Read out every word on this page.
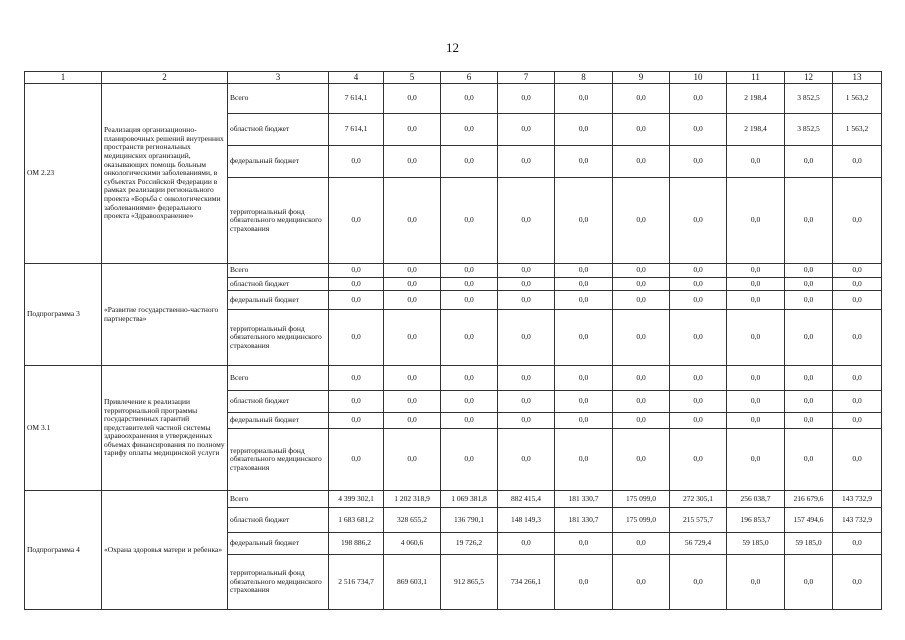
12
1	2	3	4	5	6	7	8	9	10	11	12	13
ОМ 2.23	Реализация организационно-планировочных решений внутренних пространств региональных медицинских организаций, оказывающих помощь больным онкологическими заболеваниями, в субъектах Российской Федерации в рамках реализации регионального проекта «Борьба с онкологическими заболеваниями» федерального проекта «Здравоохранение»	Всего	7 614,1	0,0	0,0	0,0	0,0	0,0	0,0	2 198,4	3 852,5	1 563,2
		областной бюджет	7 614,1	0,0	0,0	0,0	0,0	0,0	0,0	2 198,4	3 852,5	1 563,2
		федеральный бюджет	0,0	0,0	0,0	0,0	0,0	0,0	0,0	0,0	0,0	0,0
		территориальный фонд обязательного медицинского страхования	0,0	0,0	0,0	0,0	0,0	0,0	0,0	0,0	0,0	0,0
Подпрограмма 3	«Развитие государственно-частного партнерства»	Всего	0,0	0,0	0,0	0,0	0,0	0,0	0,0	0,0	0,0	0,0
		областной бюджет	0,0	0,0	0,0	0,0	0,0	0,0	0,0	0,0	0,0	0,0
		федеральный бюджет	0,0	0,0	0,0	0,0	0,0	0,0	0,0	0,0	0,0	0,0
		территориальный фонд обязательного медицинского страхования	0,0	0,0	0,0	0,0	0,0	0,0	0,0	0,0	0,0	0,0
ОМ 3.1	Привлечение к реализации территориальной программы государственных гарантий представителей частной системы здравоохранения в утвержденных объемах финансирования по полному тарифу оплаты медицинской услуги	Всего	0,0	0,0	0,0	0,0	0,0	0,0	0,0	0,0	0,0	0,0
		областной бюджет	0,0	0,0	0,0	0,0	0,0	0,0	0,0	0,0	0,0	0,0
		федеральный бюджет	0,0	0,0	0,0	0,0	0,0	0,0	0,0	0,0	0,0	0,0
		территориальный фонд обязательного медицинского страхования	0,0	0,0	0,0	0,0	0,0	0,0	0,0	0,0	0,0	0,0
Подпрограмма 4	«Охрана здоровья матери и ребенка»	Всего	4 399 302,1	1 202 318,9	1 069 381,8	882 415,4	181 330,7	175 099,0	272 305,1	256 038,7	216 679,6	143 732,9
		областной бюджет	1 683 681,2	328 655,2	136 790,1	148 149,3	181 330,7	175 099,0	215 575,7	196 853,7	157 494,6	143 732,9
		федеральный бюджет	198 886,2	4 060,6	19 726,2	0,0	0,0	0,0	56 729,4	59 185,0	59 185,0	0,0
		территориальный фонд обязательного медицинского страхования	2 516 734,7	869 603,1	912 865,5	734 266,1	0,0	0,0	0,0	0,0	0,0	0,0
